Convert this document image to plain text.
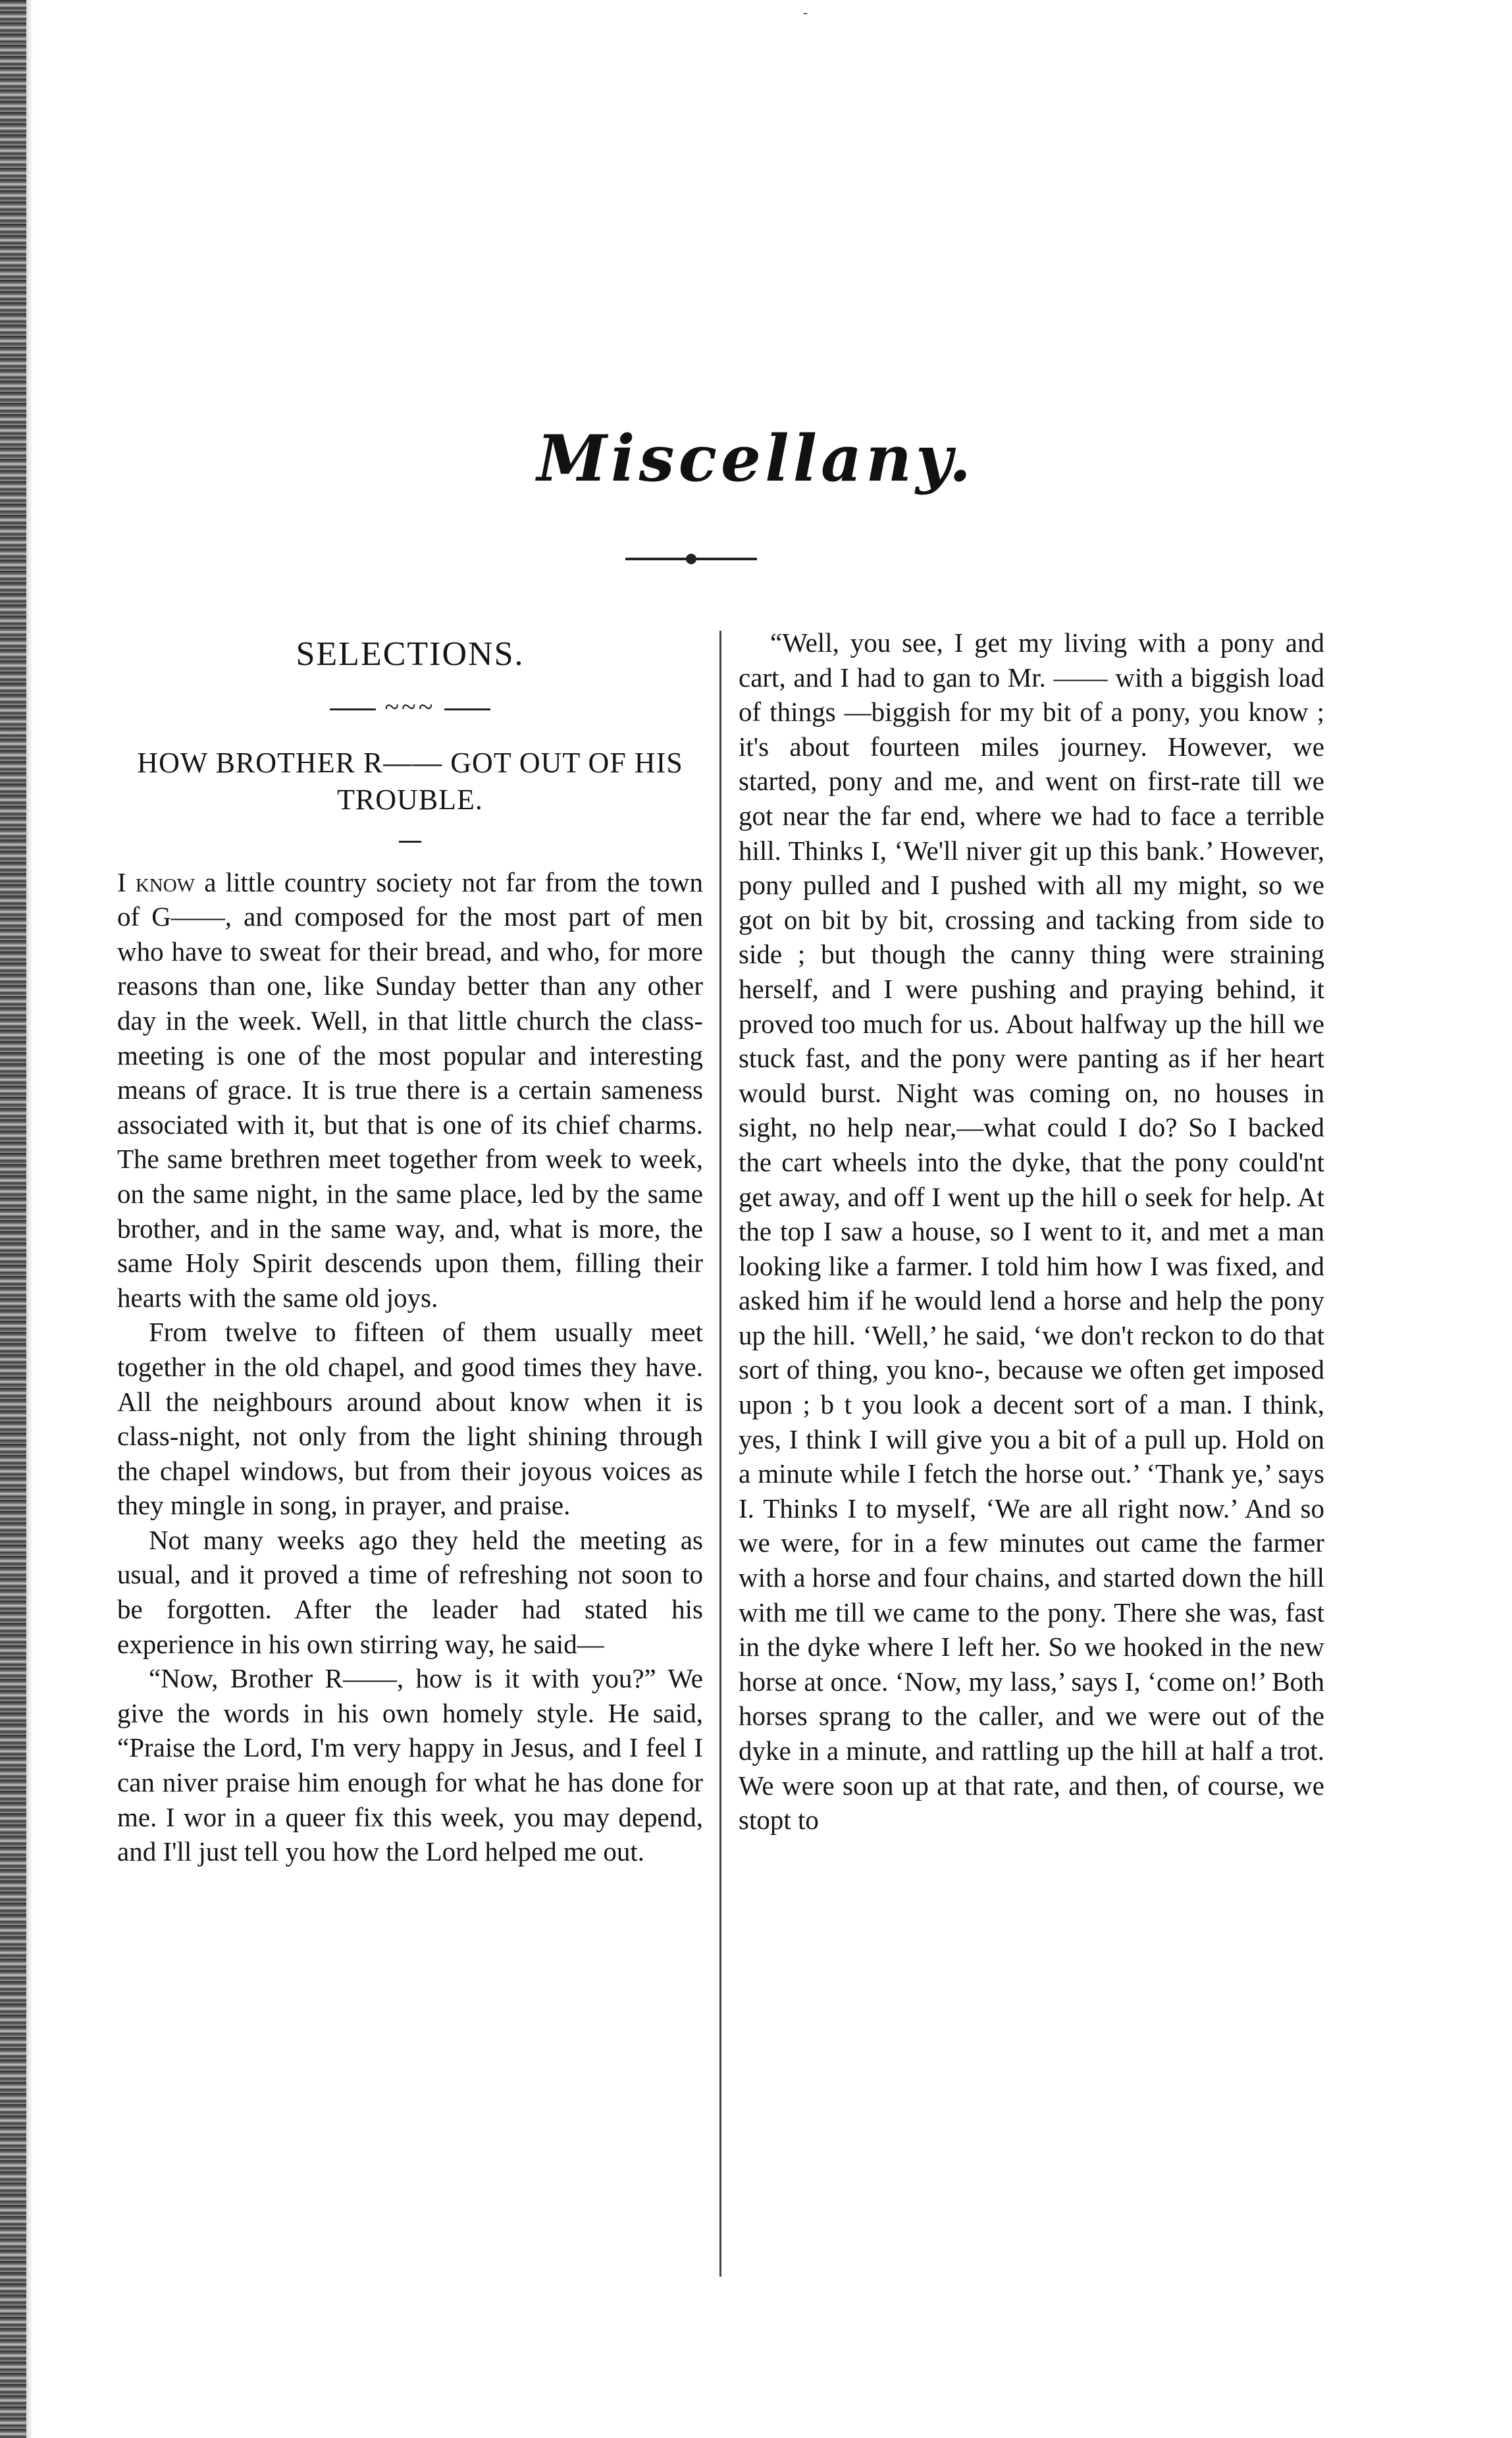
-
Miscellany.
SELECTIONS.
~~~
HOW BROTHER R—— GOT OUT OF HIS TROUBLE.

I know a little country society not far from the town of G——, and composed for the most part of men who have to sweat for their bread, and who, for more reasons than one, like Sunday better than any other day in the week. Well, in that little church the class-meeting is one of the most popular and interesting means of grace. It is true there is a certain sameness associated with it, but that is one of its chief charms. The same brethren meet together from week to week, on the same night, in the same place, led by the same brother, and in the same way, and, what is more, the same Holy Spirit descends upon them, filling their hearts with the same old joys.

From twelve to fifteen of them usually meet together in the old chapel, and good times they have. All the neighbours around about know when it is class-night, not only from the light shining through the chapel windows, but from their joyous voices as they mingle in song, in prayer, and praise.

Not many weeks ago they held the meeting as usual, and it proved a time of refreshing not soon to be forgotten. After the leader had stated his experience in his own stirring way, he said—

“Now, Brother R——, how is it with you?” We give the words in his own homely style. He said, “Praise the Lord, I'm very happy in Jesus, and I feel I can niver praise him enough for what he has done for me. I wor in a queer fix this week, you may depend, and I'll just tell you how the Lord helped me out.

“Well, you see, I get my living with a pony and cart, and I had to gan to Mr. —— with a biggish load of things —biggish for my bit of a pony, you know ; it's about fourteen miles journey. However, we started, pony and me, and went on first-rate till we got near the far end, where we had to face a terrible hill. Thinks I, ‘We'll niver git up this bank.’ However, pony pulled and I pushed with all my might, so we got on bit by bit, crossing and tacking from side to side ; but though the canny thing were straining herself, and I were pushing and praying behind, it proved too much for us. About halfway up the hill we stuck fast, and the pony were panting as if her heart would burst. Night was coming on, no houses in sight, no help near,—what could I do? So I backed the cart wheels into the dyke, that the pony could'nt get away, and off I went up the hill o seek for help. At the top I saw a house, so I went to it, and met a man looking like a farmer. I told him how I was fixed, and asked him if he would lend a horse and help the pony up the hill. ‘Well,’ he said, ‘we don't reckon to do that sort of thing, you kno-, because we often get imposed upon ; b t you look a decent sort of a man. I think, yes, I think I will give you a bit of a pull up. Hold on a minute while I fetch the horse out.’ ‘Thank ye,’ says I. Thinks I to myself, ‘We are all right now.’ And so we were, for in a few minutes out came the farmer with a horse and four chains, and started down the hill with me till we came to the pony. There she was, fast in the dyke where I left her. So we hooked in the new horse at once. ‘Now, my lass,’ says I, ‘come on!’ Both horses sprang to the caller, and we were out of the dyke in a minute, and rattling up the hill at half a trot. We were soon up at that rate, and then, of course, we stopt to
